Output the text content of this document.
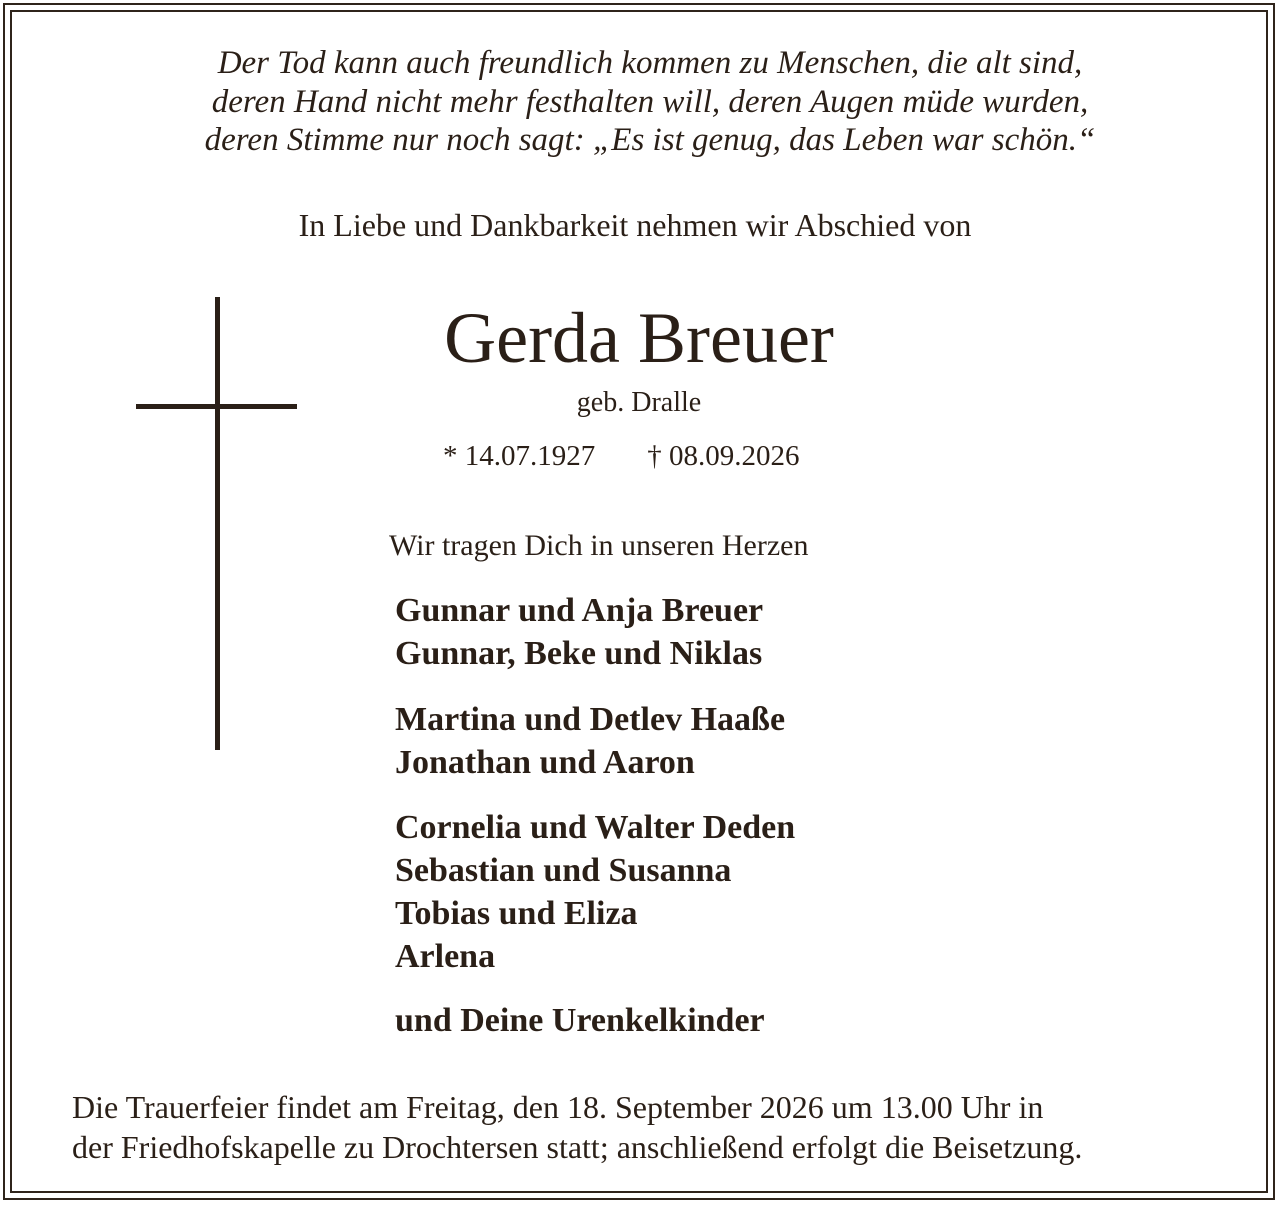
Der Tod kann auch freundlich kommen zu Menschen, die alt sind,
deren Hand nicht mehr festhalten will, deren Augen müde wurden,
deren Stimme nur noch sagt: „Es ist genug, das Leben war schön.“
In Liebe und Dankbarkeit nehmen wir Abschied von
Gerda Breuer
geb. Dralle
* 14.07.1927 † 08.09.2026
Wir tragen Dich in unseren Herzen
Gunnar und Anja Breuer
Gunnar, Beke und Niklas
Martina und Detlev Haaße
Jonathan und Aaron
Cornelia und Walter Deden
Sebastian und Susanna
Tobias und Eliza
Arlena
und Deine Urenkelkinder
Die Trauerfeier findet am Freitag, den 18. September 2026 um 13.00 Uhr in
der Friedhofskapelle zu Drochtersen statt; anschließend erfolgt die Beisetzung.
